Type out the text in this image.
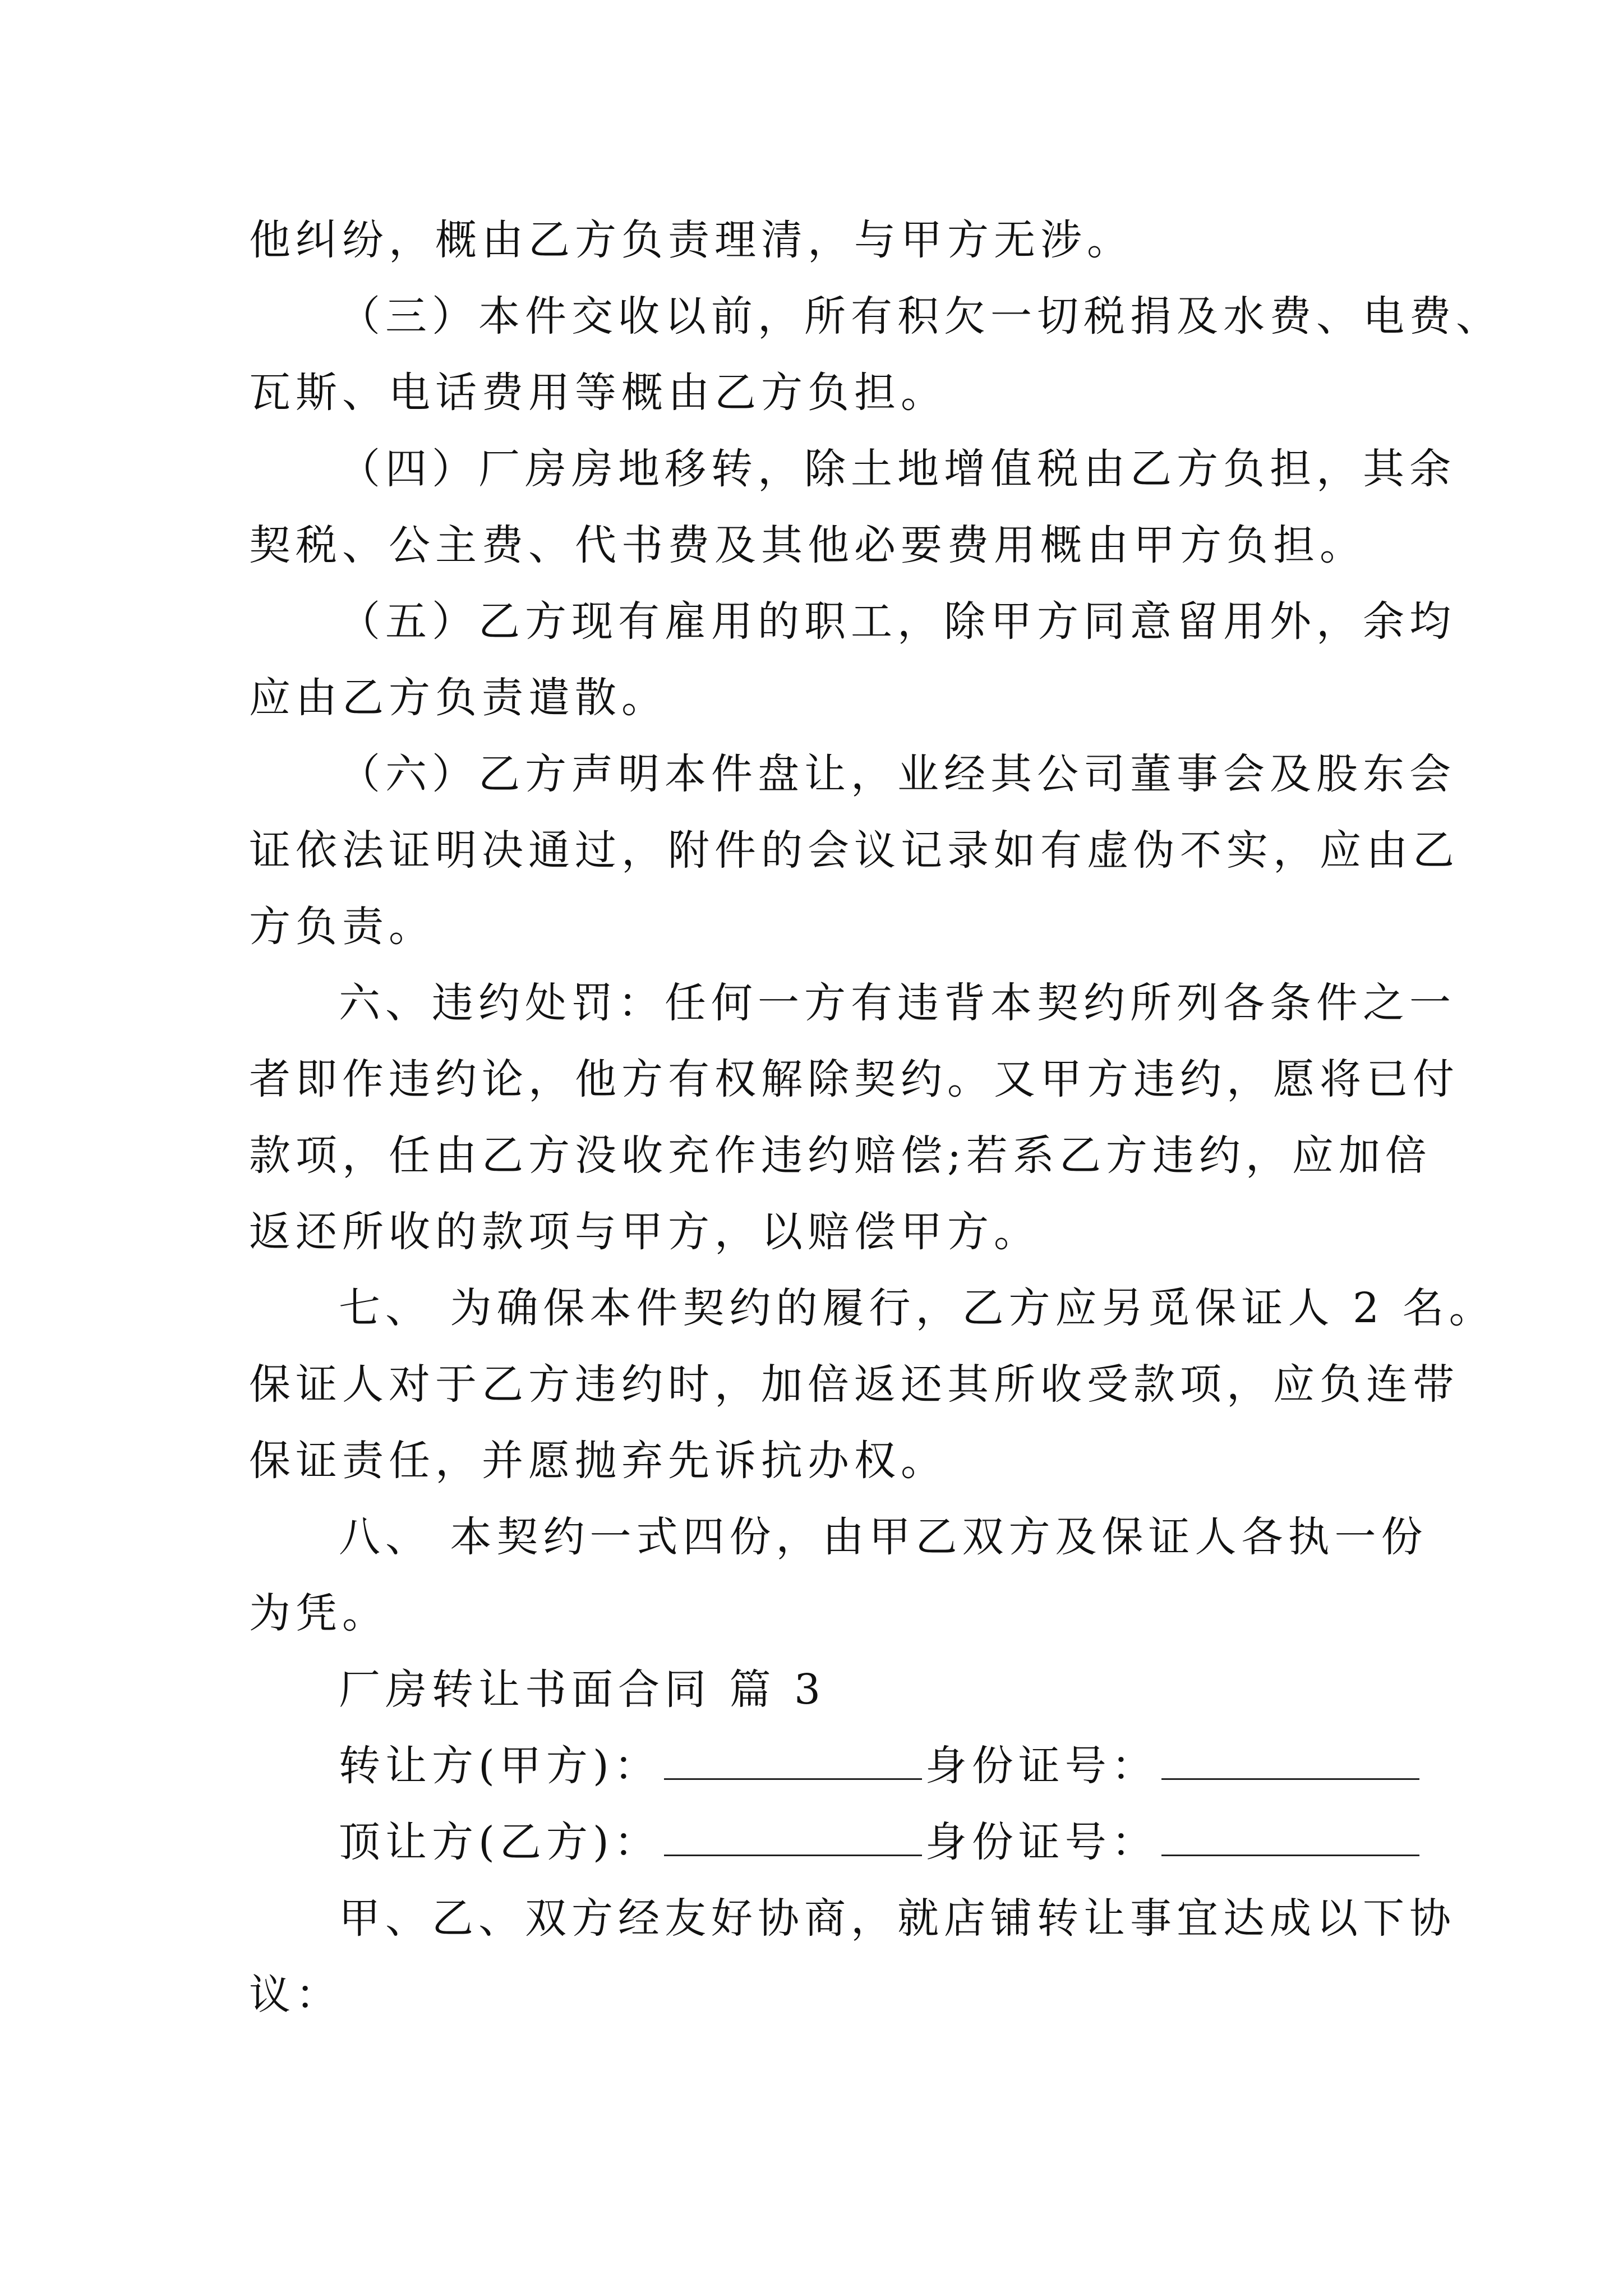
他纠纷，概由乙方负责理清，与甲方无涉。
（三）本件交收以前，所有积欠一切税捐及水费、电费、
瓦斯、电话费用等概由乙方负担。
（四）厂房房地移转，除土地增值税由乙方负担，其余
契税、公主费、代书费及其他必要费用概由甲方负担。
（五）乙方现有雇用的职工，除甲方同意留用外，余均
应由乙方负责遣散。
（六）乙方声明本件盘让，业经其公司董事会及股东会
证依法证明决通过，附件的会议记录如有虚伪不实，应由乙
方负责。
六、违约处罚：任何一方有违背本契约所列各条件之一
者即作违约论，他方有权解除契约。又甲方违约，愿将已付
款项，任由乙方没收充作违约赔偿;若系乙方违约，应加倍
返还所收的款项与甲方，以赔偿甲方。
七、 为确保本件契约的履行，乙方应另觅保证人 2 名。
保证人对于乙方违约时，加倍返还其所收受款项，应负连带
保证责任，并愿抛弃先诉抗办权。
八、 本契约一式四份，由甲乙双方及保证人各执一份
为凭。
厂房转让书面合同 篇 3
转让方(甲方)：	身份证号：
顶让方(乙方)：	身份证号：
甲、乙、双方经友好协商，就店铺转让事宜达成以下协
议：
